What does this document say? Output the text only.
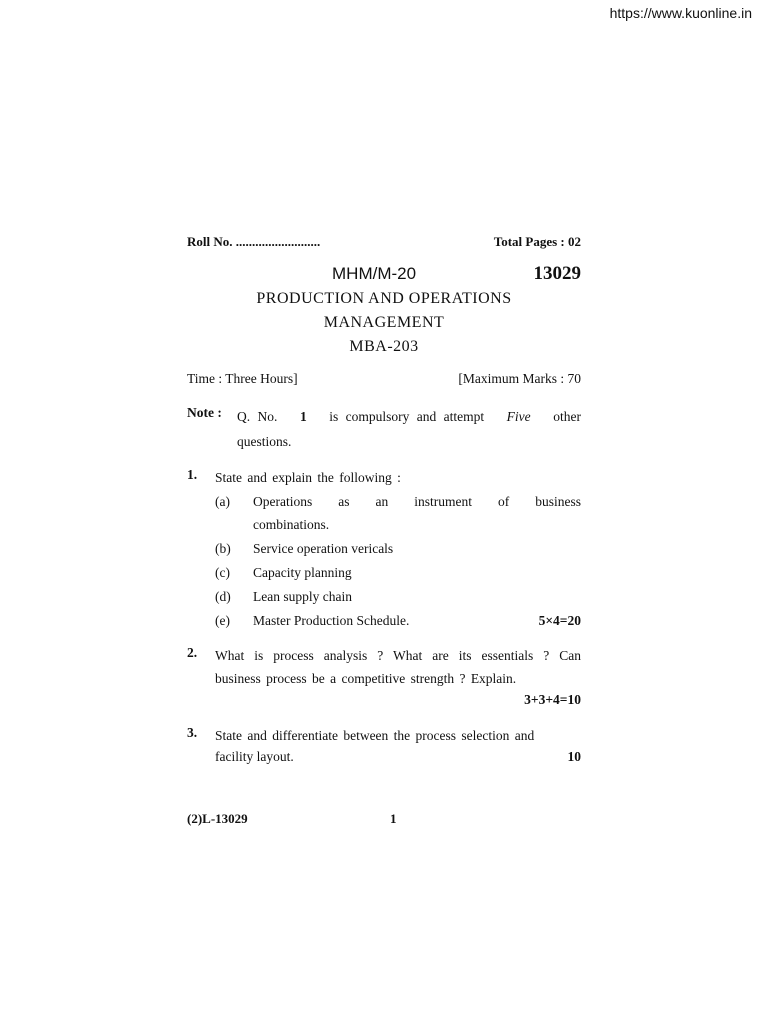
https://www.kuonline.in
Roll No. ..........................	Total Pages : 02
MHM/M-20	13029
PRODUCTION AND OPERATIONS
MANAGEMENT
MBA-203
Time : Three Hours]	[Maximum Marks : 70
Note :	Q. No. 1 is compulsory and attempt Five other
questions.
1.	State and explain the following :
(a)	Operations as an instrument of business
combinations.
(b)	Service operation vericals
(c)	Capacity planning
(d)	Lean supply chain
(e)	Master Production Schedule.	5×4=20
2.	What is process analysis ? What are its essentials ? Can business process be a competitive strength ? Explain.
3+3+4=10
3.	State and differentiate between the process selection and
facility layout.	10
(2)L-13029	1
